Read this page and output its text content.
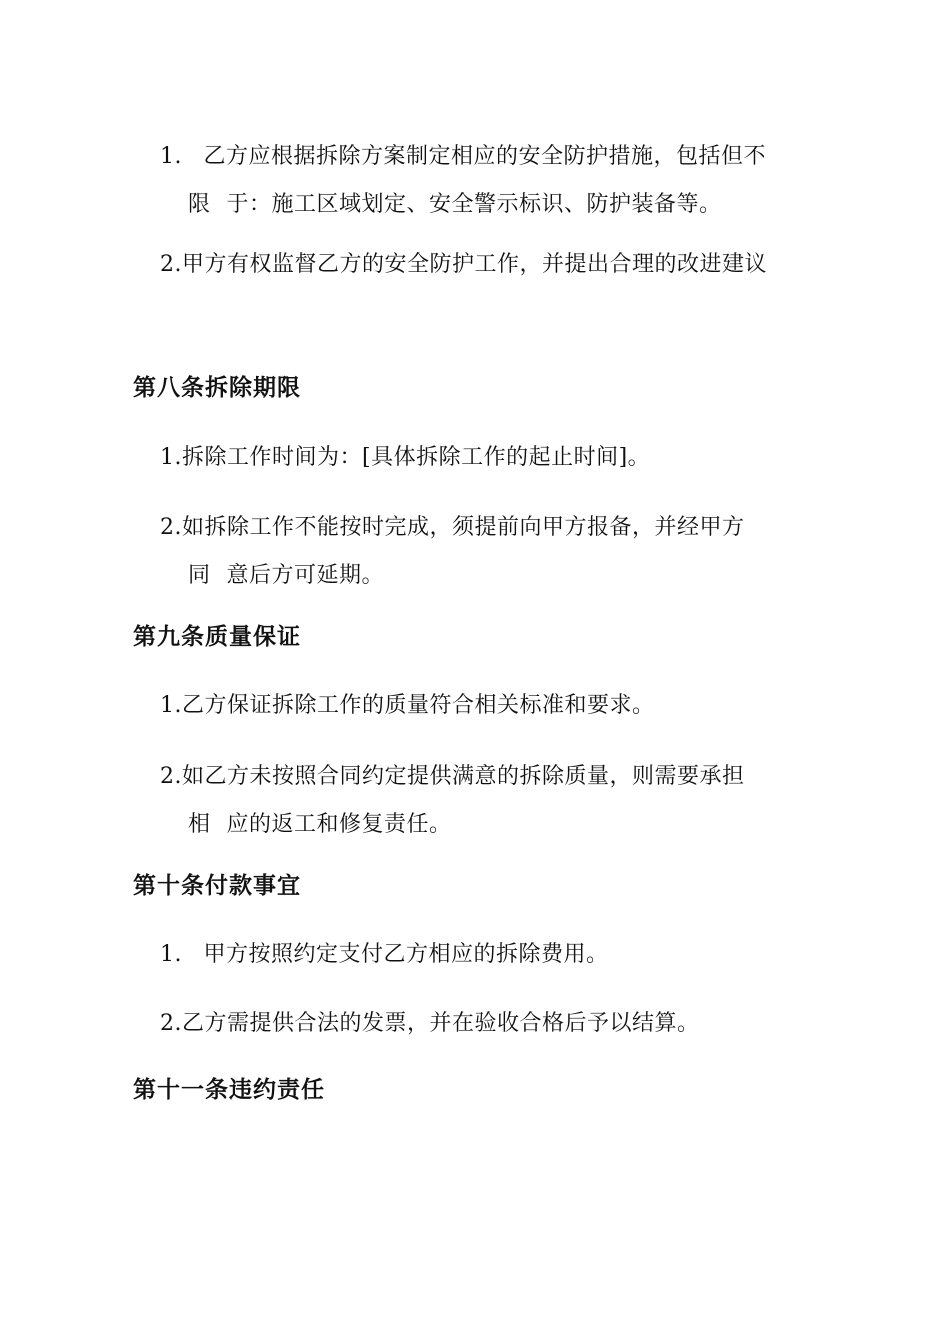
1. 乙方应根据拆除方案制定相应的安全防护措施，包括但不
限 于：施工区域划定、安全警示标识、防护装备等。
2.甲方有权监督乙方的安全防护工作，并提出合理的改进建议
第八条拆除期限
1.拆除工作时间为：[具体拆除工作的起止时间]。
2.如拆除工作不能按时完成，须提前向甲方报备，并经甲方
同 意后方可延期。
第九条质量保证
1.乙方保证拆除工作的质量符合相关标准和要求。
2.如乙方未按照合同约定提供满意的拆除质量，则需要承担
相 应的返工和修复责任。
第十条付款事宜
1. 甲方按照约定支付乙方相应的拆除费用。
2.乙方需提供合法的发票，并在验收合格后予以结算。
第十一条违约责任
